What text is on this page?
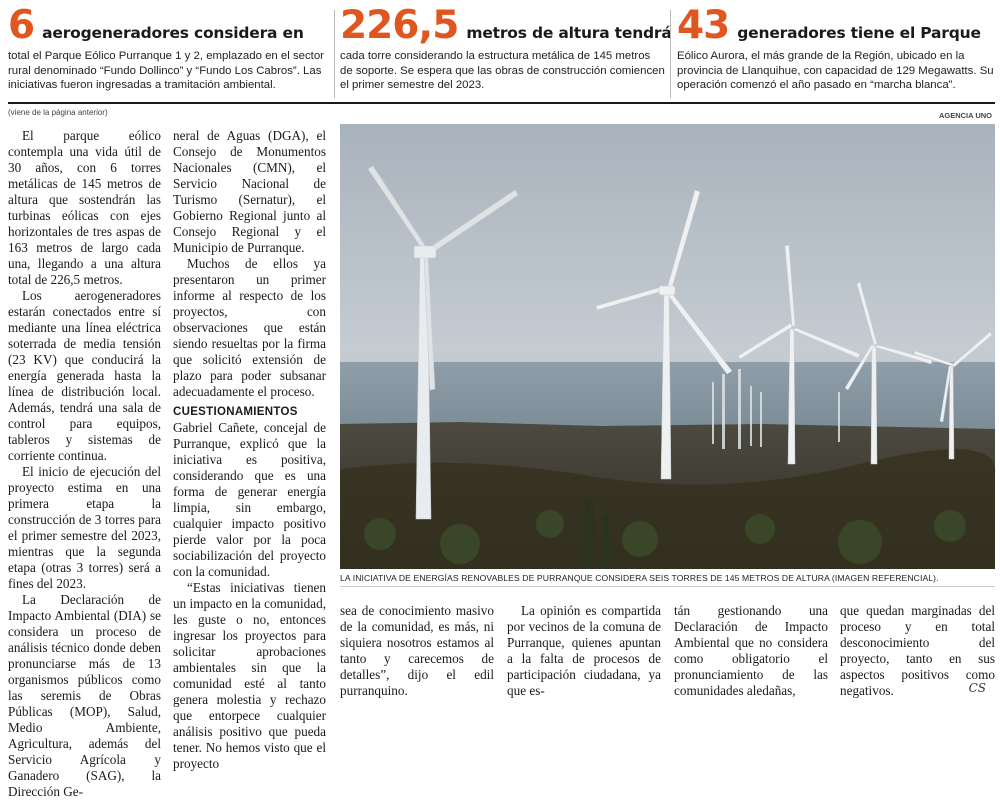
6 aerogeneradores considera en
total el Parque Eólico Purranque 1 y 2, emplazado en el sector rural denominado “Fundo Dollinco” y “Fundo Los Cabros”. Las iniciativas fueron ingresadas a tramitación ambiental.
226,5 metros de altura tendrá
cada torre considerando la estructura metálica de 145 metros de soporte. Se espera que las obras de construcción comiencen el primer semestre del 2023.
43 generadores tiene el Parque
Eólico Aurora, el más grande de la Región, ubicado en la provincia de Llanquihue, con capacidad de 129 Megawatts. Su operación comenzó el año pasado en “marcha blanca”.
(viene de la página anterior)	AGENCIA UNO

El parque eólico contempla una vida útil de 30 años, con 6 torres metálicas de 145 metros de altura que sostendrán las turbinas eólicas con ejes horizontales de tres aspas de 163 metros de largo cada una, llegando a una altura total de 226,5 metros.

Los aerogeneradores estarán conectados entre sí mediante una línea eléctrica soterrada de media tensión (23 KV) que conducirá la energía generada hasta la línea de distribución local. Además, tendrá una sala de control para equipos, tableros y sistemas de corriente continua.

El inicio de ejecución del proyecto estima en una primera etapa la construcción de 3 torres para el primer semestre del 2023, mientras que la segunda etapa (otras 3 torres) será a fines del 2023.

La Declaración de Impacto Ambiental (DIA) se considera un proceso de análisis técnico donde deben pronunciarse más de 13 organismos públicos como las seremis de Obras Públicas (MOP), Salud, Medio Ambiente, Agricultura, además del Servicio Agrícola y Ganadero (SAG), la Dirección Ge-

neral de Aguas (DGA), el Consejo de Monumentos Nacionales (CMN), el Servicio Nacional de Turismo (Sernatur), el Gobierno Regional junto al Consejo Regional y el Municipio de Purranque.

Muchos de ellos ya presentaron un primer informe al respecto de los proyectos, con observaciones que están siendo resueltas por la firma que solicitó extensión de plazo para poder subsanar adecuadamente el proceso.

CUESTIONAMIENTOS

Gabriel Cañete, concejal de Purranque, explicó que la iniciativa es positiva, considerando que es una forma de generar energía limpia, sin embargo, cualquier impacto positivo pierde valor por la poca sociabilización del proyecto con la comunidad.

“Estas iniciativas tienen un impacto en la comunidad, les guste o no, entonces ingresar los proyectos para solicitar aprobaciones ambientales sin que la comunidad esté al tanto genera molestia y rechazo que entorpece cualquier análisis positivo que pueda tener. No hemos visto que el proyecto

LA INICIATIVA DE ENERGÍAS RENOVABLES DE PURRANQUE CONSIDERA SEIS TORRES DE 145 METROS DE ALTURA (IMAGEN REFERENCIAL).

sea de conocimiento masivo de la comunidad, es más, ni siquiera nosotros estamos al tanto y carecemos de detalles”, dijo el edil purranquino.

La opinión es compartida por vecinos de la comuna de Purranque, quienes apuntan a la falta de procesos de participación ciudadana, ya que es-

tán gestionando una Declaración de Impacto Ambiental que no considera como obligatorio el pronunciamiento de las comunidades aledañas,

que quedan marginadas del proceso y en total desconocimiento del proyecto, tanto en sus aspectos positivos como negativos.	CS
